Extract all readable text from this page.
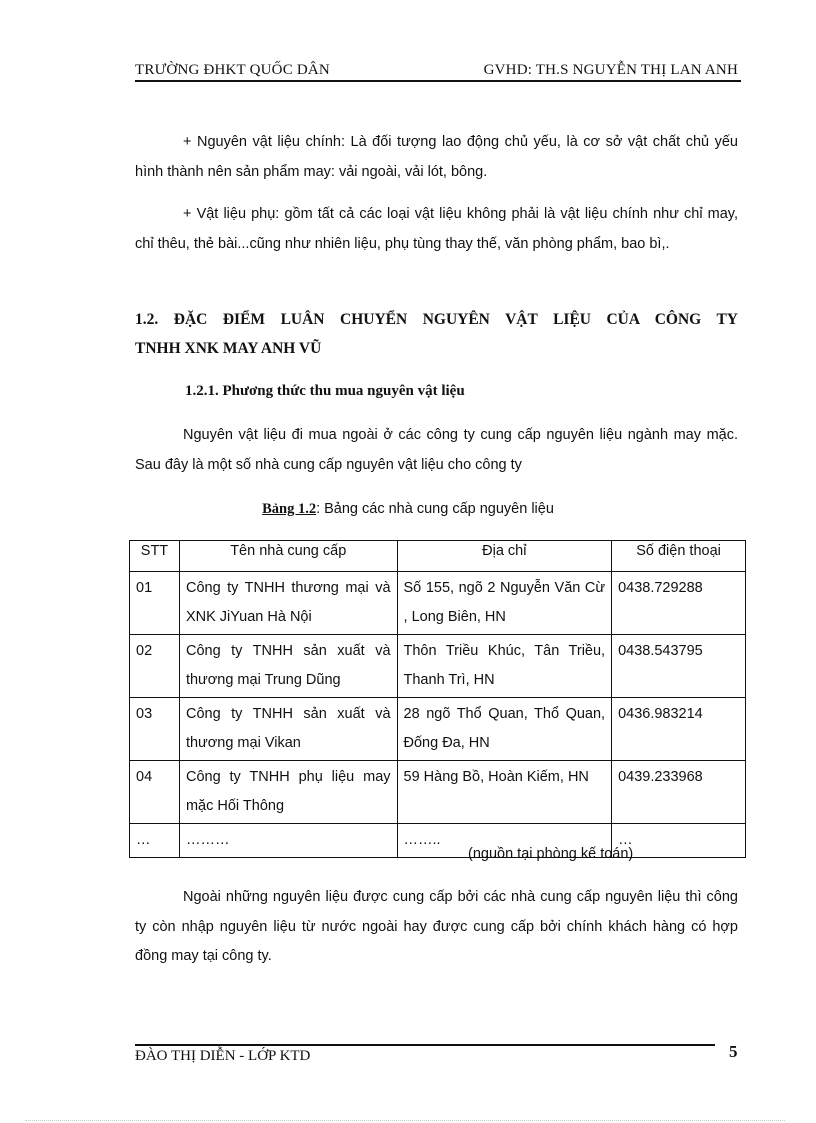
TRƯỜNG ĐHKT QUỐC DÂN	GVHD: TH.S NGUYỄN THỊ LAN ANH

+ Nguyên vật liệu chính: Là đối tượng lao động chủ yếu, là cơ sở vật chất chủ yếu hình thành nên sản phẩm may: vải ngoài, vải lót, bông.

+ Vật liệu phụ: gồm tất cả các loại vật liệu không phải là vật liệu chính như chỉ may, chỉ thêu, thẻ bài...cũng như nhiên liệu, phụ tùng thay thế, văn phòng phẩm, bao bì,.

1.2. ĐẶC ĐIỂM LUÂN CHUYỂN NGUYÊN VẬT LIỆU CỦA CÔNG TY
TNHH XNK MAY ANH VŨ
1.2.1. Phương thức thu mua nguyên vật liệu

Nguyên vật liệu đi mua ngoài ở các công ty cung cấp nguyên liệu ngành may mặc. Sau đây là một số nhà cung cấp nguyên vật liệu cho công ty

Bảng 1.2: Bảng các nhà cung cấp nguyên liệu
STT	Tên nhà cung cấp	Địa chỉ	Số điện thoại
01	Công ty TNHH thương mại và XNK JiYuan Hà Nội	Số 155, ngõ 2 Nguyễn Văn Cừ , Long Biên, HN	0438.729288
02	Công ty TNHH sản xuất và thương mại Trung Dũng	Thôn Triều Khúc, Tân Triều, Thanh Trì, HN	0438.543795
03	Công ty TNHH sản xuất và thương mại Vikan	28 ngõ Thổ Quan, Thổ Quan, Đống Đa, HN	0436.983214
04	Công ty TNHH phụ liệu may mặc Hối Thông	59 Hàng Bồ, Hoàn Kiếm, HN	0439.233968
…	………	……..	…
(nguồn tại phòng kế toán)

Ngoài những nguyên liệu được cung cấp bởi các nhà cung cấp nguyên liệu thì công ty còn nhập nguyên liệu từ nước ngoài hay được cung cấp bởi chính khách hàng có hợp đồng may tại công ty.

ĐÀO THỊ DIỄN - LỚP KTD	5
